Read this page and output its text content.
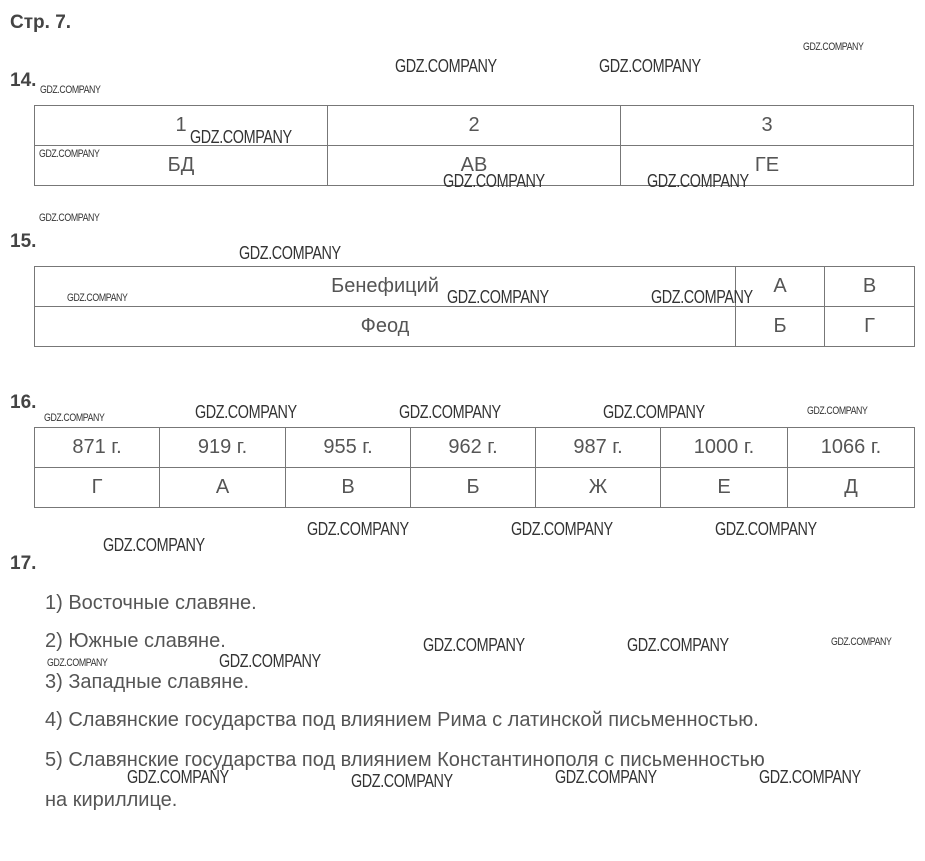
Стр. 7.
14.
1	2	3
БД	АВ	ГЕ
15.
Бенефиций	А	В
Феод	Б	Г
16.
871 г.	919 г.	955 г.	962 г.	987 г.	1000 г.	1066 г.
Г	А	В	Б	Ж	Е	Д
17.
1) Восточные славяне.
2) Южные славяне.
3) Западные славяне.
4) Славянские государства под влиянием Рима с латинской письменностью.
5) Славянские государства под влиянием Константинополя с письменностью
на кириллице.
GDZ.COMPANY
GDZ.COMPANY	GDZ.COMPANY
GDZ.COMPANY
GDZ.COMPANY
GDZ.COMPANY
GDZ.COMPANY	GDZ.COMPANY
GDZ.COMPANY
GDZ.COMPANY
GDZ.COMPANY	GDZ.COMPANY	GDZ.COMPANY
GDZ.COMPANY	GDZ.COMPANY	GDZ.COMPANY	GDZ.COMPANY	GDZ.COMPANY
GDZ.COMPANY	GDZ.COMPANY	GDZ.COMPANY
GDZ.COMPANY
GDZ.COMPANY	GDZ.COMPANY	GDZ.COMPANY
GDZ.COMPANY	GDZ.COMPANY
GDZ.COMPANY	GDZ.COMPANY	GDZ.COMPANY	GDZ.COMPANY
